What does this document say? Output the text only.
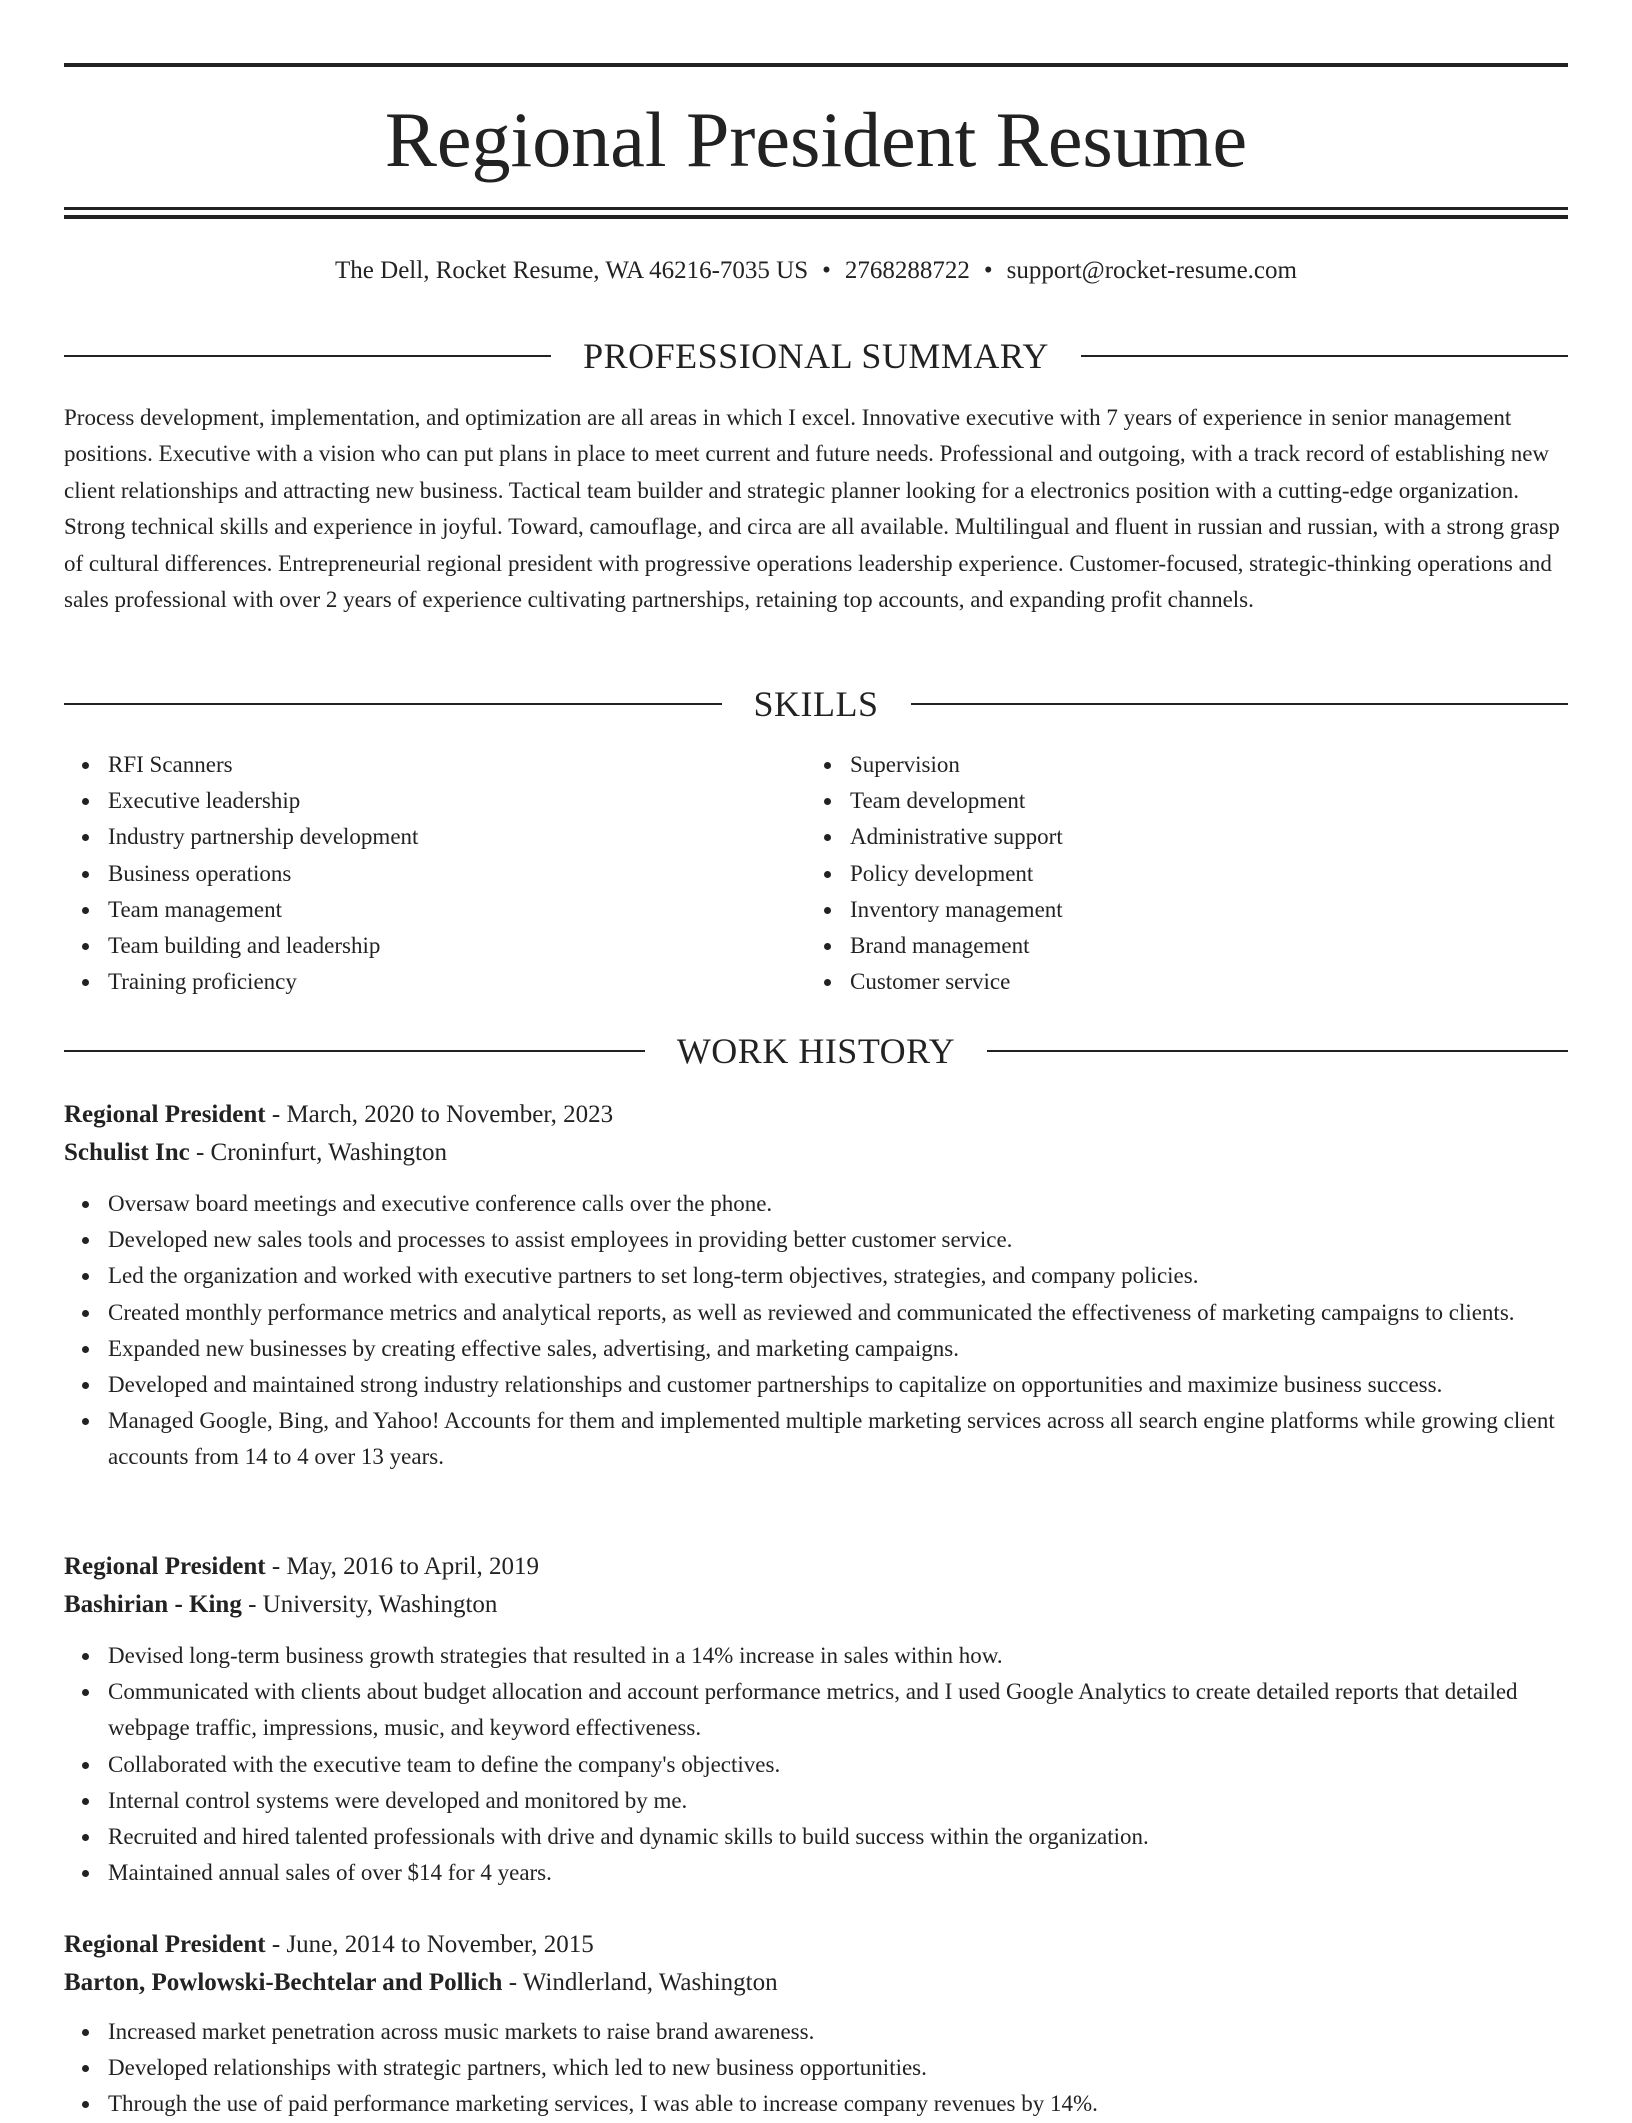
Regional President Resume
The Dell, Rocket Resume, WA 46216-7035 US • 2768288722 • support@rocket-resume.com
PROFESSIONAL SUMMARY

Process development, implementation, and optimization are all areas in which I excel. Innovative executive with 7 years of experience in senior management positions. Executive with a vision who can put plans in place to meet current and future needs. Professional and outgoing, with a track record of establishing new client relationships and attracting new business. Tactical team builder and strategic planner looking for a electronics position with a cutting-edge organization. Strong technical skills and experience in joyful. Toward, camouflage, and circa are all available. Multilingual and fluent in russian and russian, with a strong grasp of cultural differences. Entrepreneurial regional president with progressive operations leadership experience. Customer-focused, strategic-thinking operations and sales professional with over 2 years of experience cultivating partnerships, retaining top accounts, and expanding profit channels.

SKILLS
RFI Scanners
Executive leadership
Industry partnership development
Business operations
Team management
Team building and leadership
Training proficiency
Supervision
Team development
Administrative support
Policy development
Inventory management
Brand management
Customer service
WORK HISTORY
Regional President - March, 2020 to November, 2023
Schulist Inc - Croninfurt, Washington
Oversaw board meetings and executive conference calls over the phone.
Developed new sales tools and processes to assist employees in providing better customer service.
Led the organization and worked with executive partners to set long-term objectives, strategies, and company policies.
Created monthly performance metrics and analytical reports, as well as reviewed and communicated the effectiveness of marketing campaigns to clients.
Expanded new businesses by creating effective sales, advertising, and marketing campaigns.
Developed and maintained strong industry relationships and customer partnerships to capitalize on opportunities and maximize business success.
Managed Google, Bing, and Yahoo! Accounts for them and implemented multiple marketing services across all search engine platforms while growing client accounts from 14 to 4 over 13 years.
Regional President - May, 2016 to April, 2019
Bashirian - King - University, Washington
Devised long-term business growth strategies that resulted in a 14% increase in sales within how.
Communicated with clients about budget allocation and account performance metrics, and I used Google Analytics to create detailed reports that detailed webpage traffic, impressions, music, and keyword effectiveness.
Collaborated with the executive team to define the company's objectives.
Internal control systems were developed and monitored by me.
Recruited and hired talented professionals with drive and dynamic skills to build success within the organization.
Maintained annual sales of over $14 for 4 years.
Regional President - June, 2014 to November, 2015
Barton, Powlowski-Bechtelar and Pollich - Windlerland, Washington
Increased market penetration across music markets to raise brand awareness.
Developed relationships with strategic partners, which led to new business opportunities.
Through the use of paid performance marketing services, I was able to increase company revenues by 14%.
